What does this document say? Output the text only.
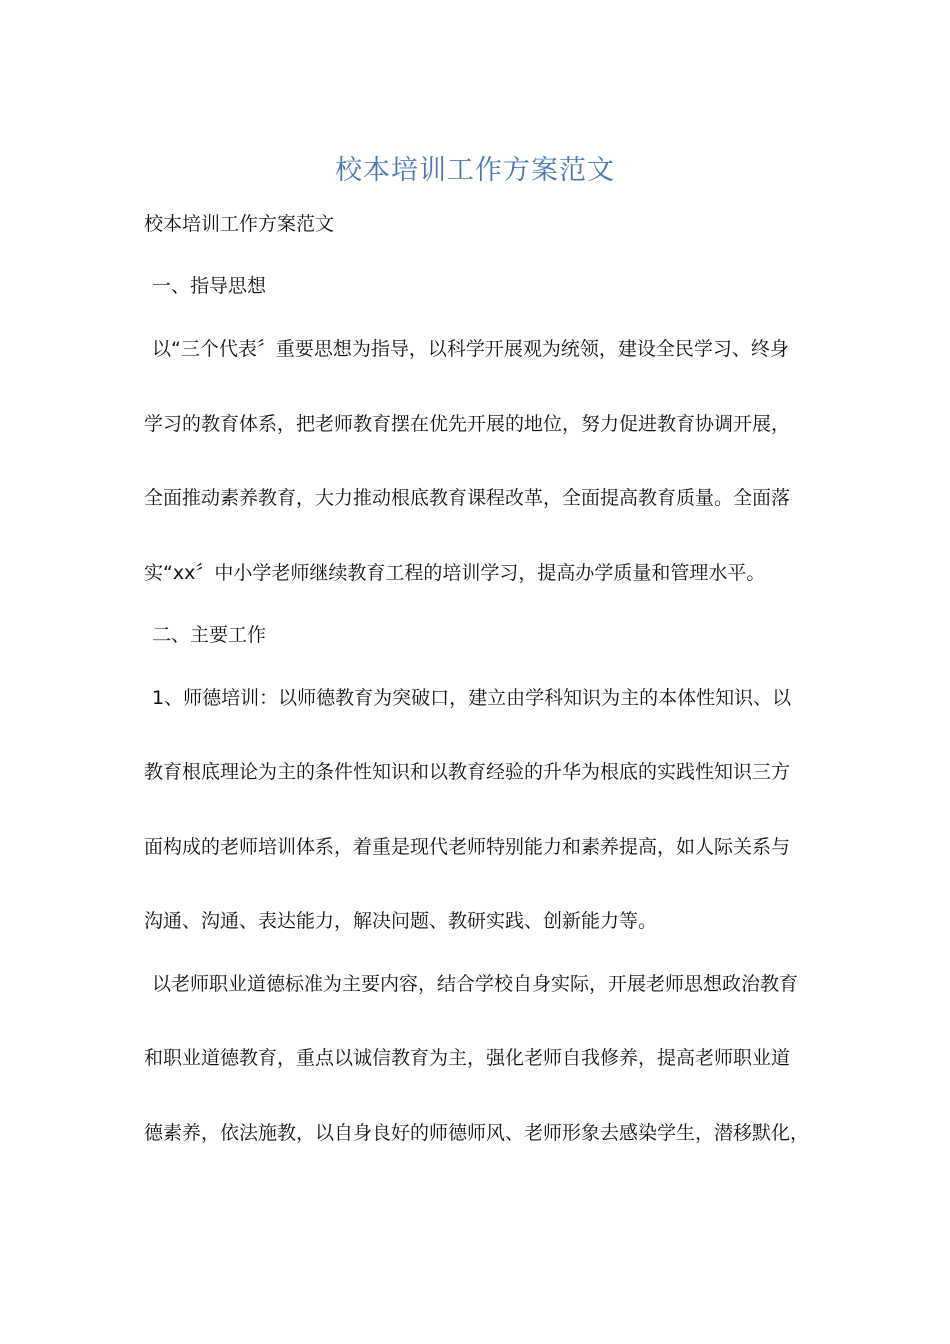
校本培训工作方案范文
校本培训工作方案范文
一、指导思想
以“三个代表〞重要思想为指导，以科学开展观为统领，建设全民学习、终身
学习的教育体系，把老师教育摆在优先开展的地位，努力促进教育协调开展，
全面推动素养教育，大力推动根底教育课程改革，全面提高教育质量。全面落
实“xx〞中小学老师继续教育工程的培训学习，提高办学质量和管理水平。
二、主要工作
1、师德培训：以师德教育为突破口，建立由学科知识为主的本体性知识、以
教育根底理论为主的条件性知识和以教育经验的升华为根底的实践性知识三方
面构成的老师培训体系，着重是现代老师特别能力和素养提高，如人际关系与
沟通、沟通、表达能力，解决问题、教研实践、创新能力等。
以老师职业道德标准为主要内容，结合学校自身实际，开展老师思想政治教育
和职业道德教育，重点以诚信教育为主，强化老师自我修养，提高老师职业道
德素养，依法施教，以自身良好的师德师风、老师形象去感染学生，潜移默化，
